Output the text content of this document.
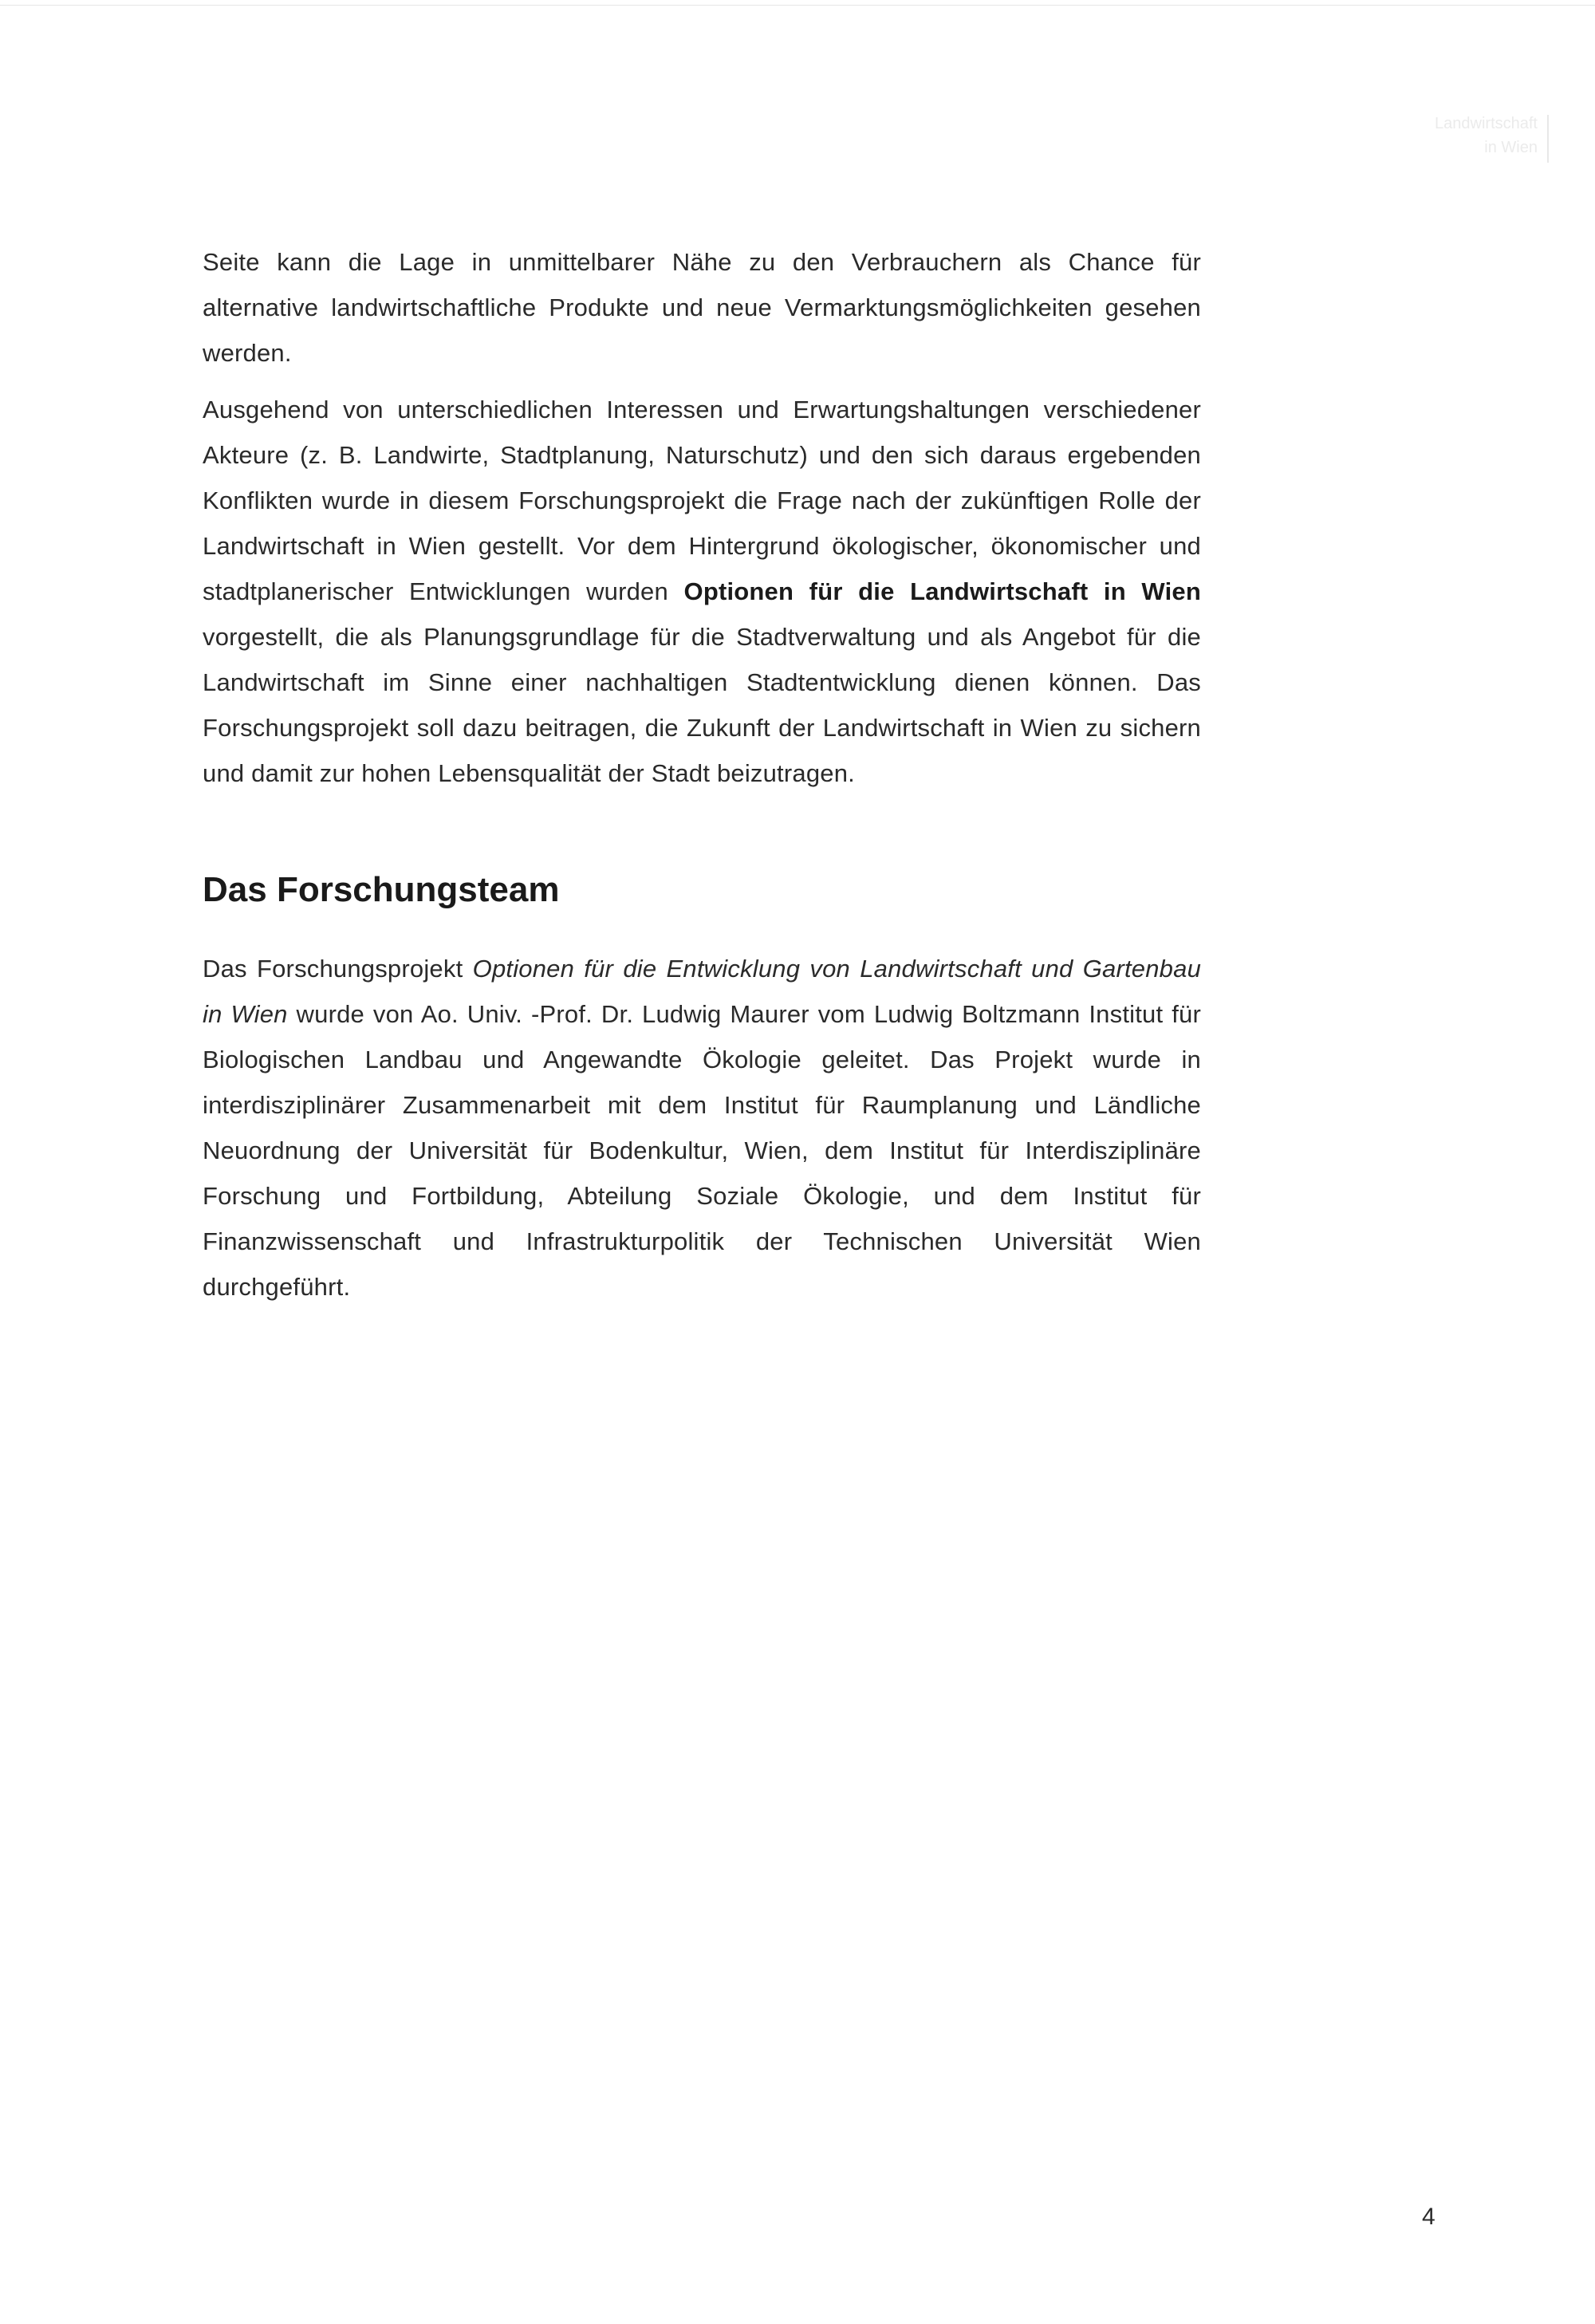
Landwirtschaft
in Wien

Seite kann die Lage in unmittelbarer Nähe zu den Verbrauchern als Chance für alternative landwirtschaftliche Produkte und neue Vermarktungsmöglichkeiten gesehen werden.

Ausgehend von unterschiedlichen Interessen und Erwartungshaltungen verschiedener Akteure (z. B. Landwirte, Stadtplanung, Naturschutz) und den sich daraus ergebenden Konflikten wurde in diesem Forschungsprojekt die Frage nach der zukünftigen Rolle der Landwirtschaft in Wien gestellt. Vor dem Hintergrund ökologischer, ökonomischer und stadtplanerischer Entwicklungen wurden Optionen für die Landwirtschaft in Wien vorgestellt, die als Planungsgrundlage für die Stadtverwaltung und als Angebot für die Landwirtschaft im Sinne einer nachhaltigen Stadtentwicklung dienen können. Das Forschungsprojekt soll dazu beitragen, die Zukunft der Landwirtschaft in Wien zu sichern und damit zur hohen Lebensqualität der Stadt beizutragen.

Das Forschungsteam

Das Forschungsprojekt Optionen für die Entwicklung von Landwirtschaft und Gartenbau in Wien wurde von Ao. Univ. -Prof. Dr. Ludwig Maurer vom Ludwig Boltzmann Institut für Biologischen Landbau und Angewandte Ökologie geleitet. Das Projekt wurde in interdisziplinärer Zusammenarbeit mit dem Institut für Raumplanung und Ländliche Neuordnung der Universität für Bodenkultur, Wien, dem Institut für Interdisziplinäre Forschung und Fortbildung, Abteilung Soziale Ökologie, und dem Institut für Finanzwissenschaft und Infrastrukturpolitik der Technischen Universität Wien durchgeführt.

4
